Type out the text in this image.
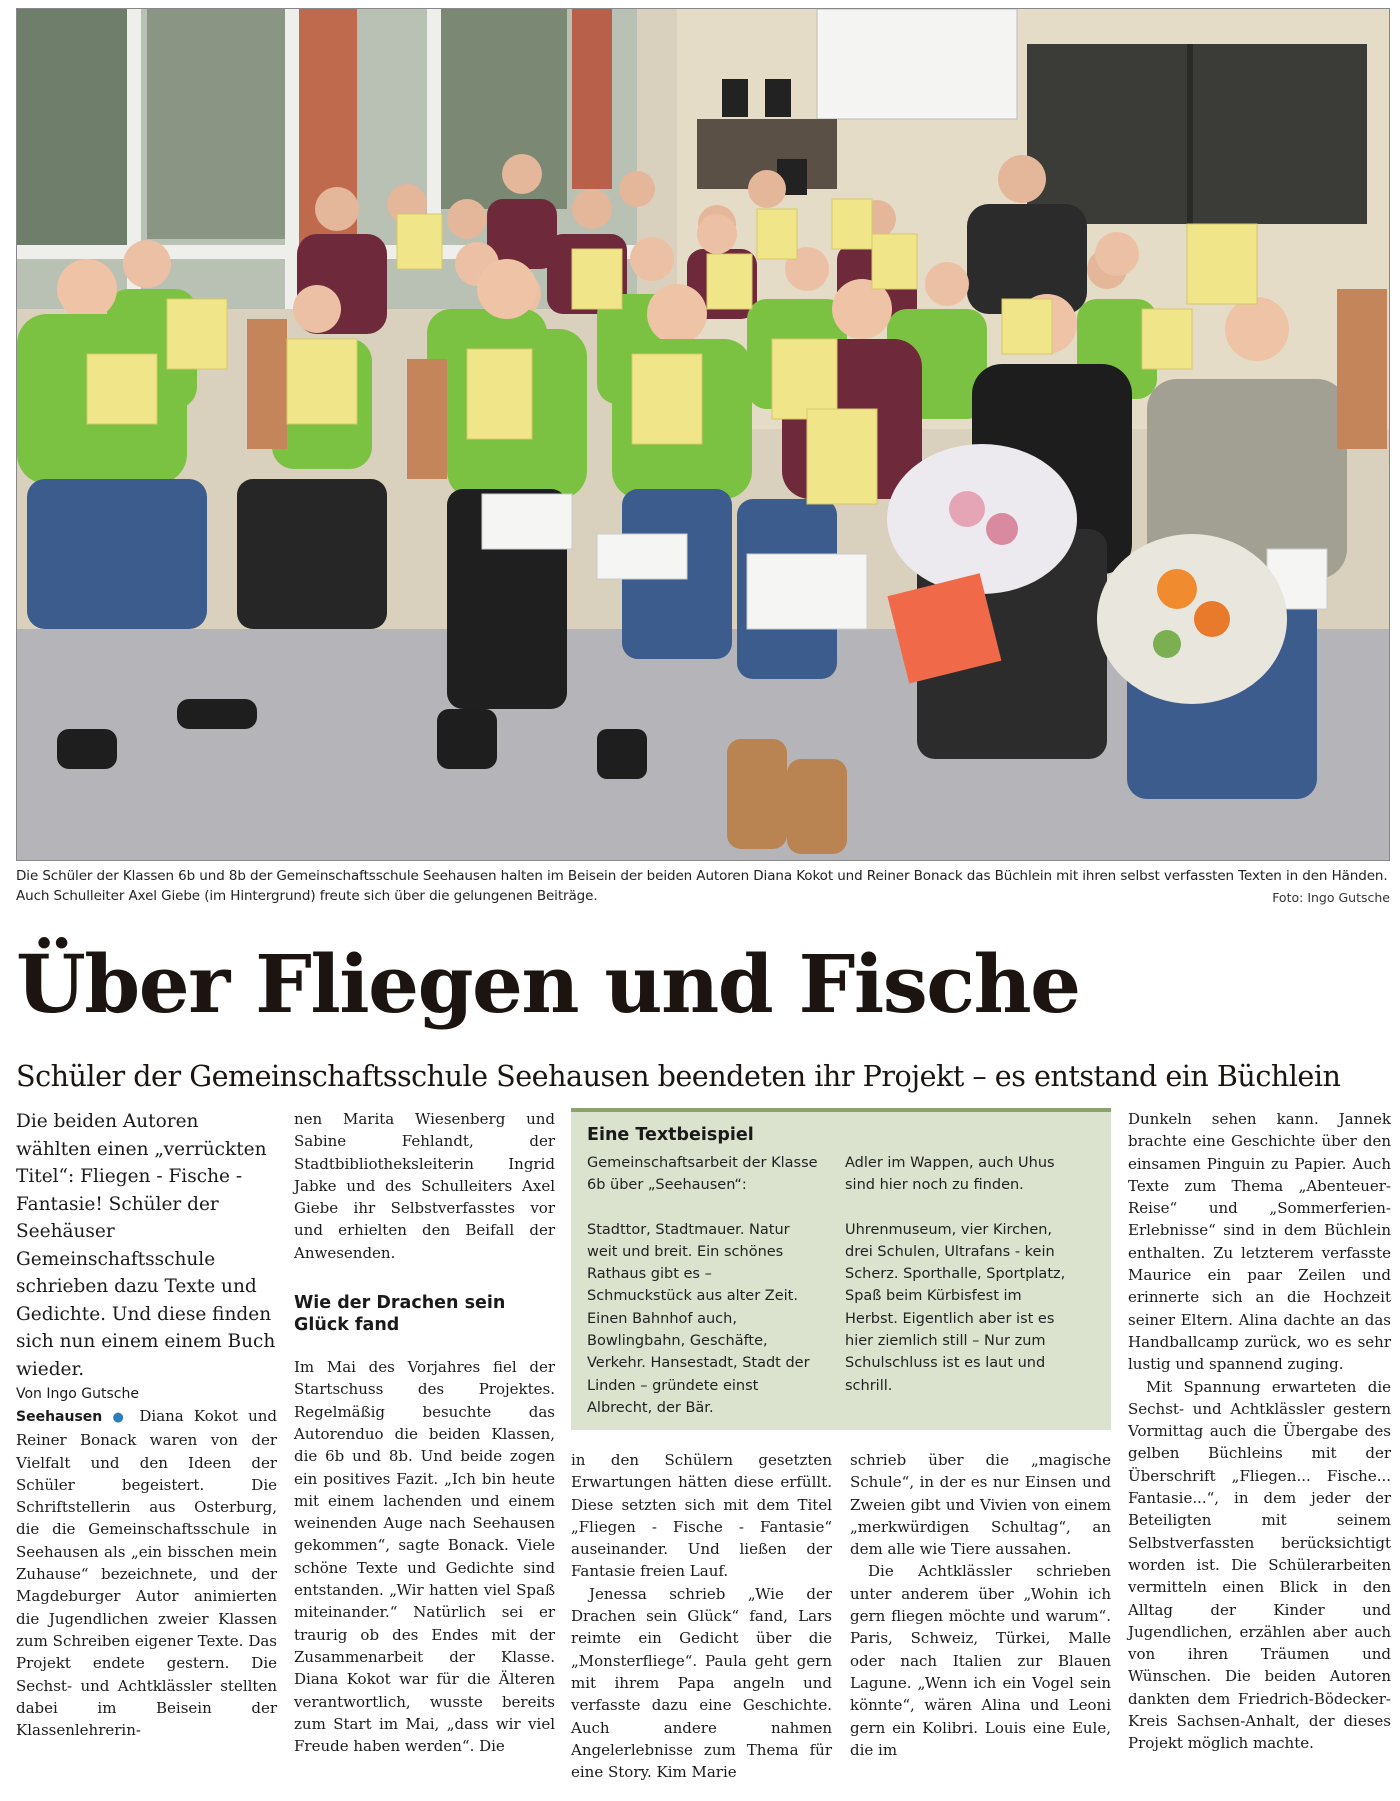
Die Schüler der Klassen 6b und 8b der Gemeinschaftsschule Seehausen halten im Beisein der beiden Autoren Diana Kokot und Reiner Bonack das Büchlein mit ihren selbst verfassten Texten in den Händen. Auch Schulleiter Axel Giebe (im Hintergrund) freute sich über die gelungenen Beiträge.	Foto: Ingo Gutsche
Über Fliegen und Fische
Schüler der Gemeinschaftsschule Seehausen beendeten ihr Projekt – es entstand ein Büchlein

Die beiden Autoren wählten einen „verrückten Titel“: Fliegen - Fische - Fantasie! Schüler der Seehäuser Gemeinschaftsschule schrieben dazu Texte und Gedichte. Und diese finden sich nun einem einem Buch wieder.

Von Ingo Gutsche

Seehausen ● Diana Kokot und Reiner Bonack waren von der Vielfalt und den Ideen der Schüler begeistert. Die Schriftstellerin aus Osterburg, die die Gemeinschaftsschule in Seehausen als „ein bisschen mein Zuhause“ bezeichnete, und der Magdeburger Autor animierten die Jugendlichen zweier Klassen zum Schreiben eigener Texte. Das Projekt endete gestern. Die Sechst- und Achtklässler stellten dabei im Beisein der Klassenlehrerin-

nen Marita Wiesenberg und Sabine Fehlandt, der Stadtbibliotheksleiterin Ingrid Jabke und des Schulleiters Axel Giebe ihr Selbstverfasstes vor und erhielten den Beifall der Anwesenden.

Wie der Drachen sein Glück fand

Im Mai des Vorjahres fiel der Startschuss des Projektes. Regelmäßig besuchte das Autorenduo die beiden Klassen, die 6b und 8b. Und beide zogen ein positives Fazit. „Ich bin heute mit einem lachenden und einem weinenden Auge nach Seehausen gekommen“, sagte Bonack. Viele schöne Texte und Gedichte sind entstanden. „Wir hatten viel Spaß miteinander.“ Natürlich sei er traurig ob des Endes mit der Zusammenarbeit der Klasse. Diana Kokot war für die Älteren verantwortlich, wusste bereits zum Start im Mai, „dass wir viel Freude haben werden“. Die

Eine Textbeispiel

Gemeinschaftsarbeit der Klasse 6b über „Seehausen“:

Stadttor, Stadtmauer. Natur weit und breit. Ein schönes Rathaus gibt es – Schmuckstück aus alter Zeit. Einen Bahnhof auch, Bowlingbahn, Geschäfte, Verkehr. Hansestadt, Stadt der Linden – gründete einst Albrecht, der Bär.

Adler im Wappen, auch Uhus sind hier noch zu finden.

Uhrenmuseum, vier Kirchen, drei Schulen, Ultrafans - kein Scherz. Sporthalle, Sportplatz, Spaß beim Kürbisfest im Herbst. Eigentlich aber ist es hier ziemlich still – Nur zum Schulschluss ist es laut und schrill.

in den Schülern gesetzten Erwartungen hätten diese erfüllt. Diese setzten sich mit dem Titel „Fliegen - Fische - Fantasie“ auseinander. Und ließen der Fantasie freien Lauf.

Jenessa schrieb „Wie der Drachen sein Glück“ fand, Lars reimte ein Gedicht über die „Monsterfliege“. Paula geht gern mit ihrem Papa angeln und verfasste dazu eine Geschichte. Auch andere nahmen Angelerlebnisse zum Thema für eine Story. Kim Marie

schrieb über die „magische Schule“, in der es nur Einsen und Zweien gibt und Vivien von einem „merkwürdigen Schultag“, an dem alle wie Tiere aussahen.

Die Achtklässler schrieben unter anderem über „Wohin ich gern fliegen möchte und warum“. Paris, Schweiz, Türkei, Malle oder nach Italien zur Blauen Lagune. „Wenn ich ein Vogel sein könnte“, wären Alina und Leoni gern ein Kolibri. Louis eine Eule, die im

Dunkeln sehen kann. Jannek brachte eine Geschichte über den einsamen Pinguin zu Papier. Auch Texte zum Thema „Abenteuer-Reise“ und „Sommerferien-Erlebnisse“ sind in dem Büchlein enthalten. Zu letzterem verfasste Maurice ein paar Zeilen und erinnerte sich an die Hochzeit seiner Eltern. Alina dachte an das Handballcamp zurück, wo es sehr lustig und spannend zuging.

Mit Spannung erwarteten die Sechst- und Achtklässler gestern Vormittag auch die Übergabe des gelben Büchleins mit der Überschrift „Fliegen... Fische... Fantasie...“, in dem jeder der Beteiligten mit seinem Selbstverfassten berücksichtigt worden ist. Die Schülerarbeiten vermitteln einen Blick in den Alltag der Kinder und Jugendlichen, erzählen aber auch von ihren Träumen und Wünschen. Die beiden Autoren dankten dem Friedrich-Bödecker-Kreis Sachsen-Anhalt, der dieses Projekt möglich machte.
